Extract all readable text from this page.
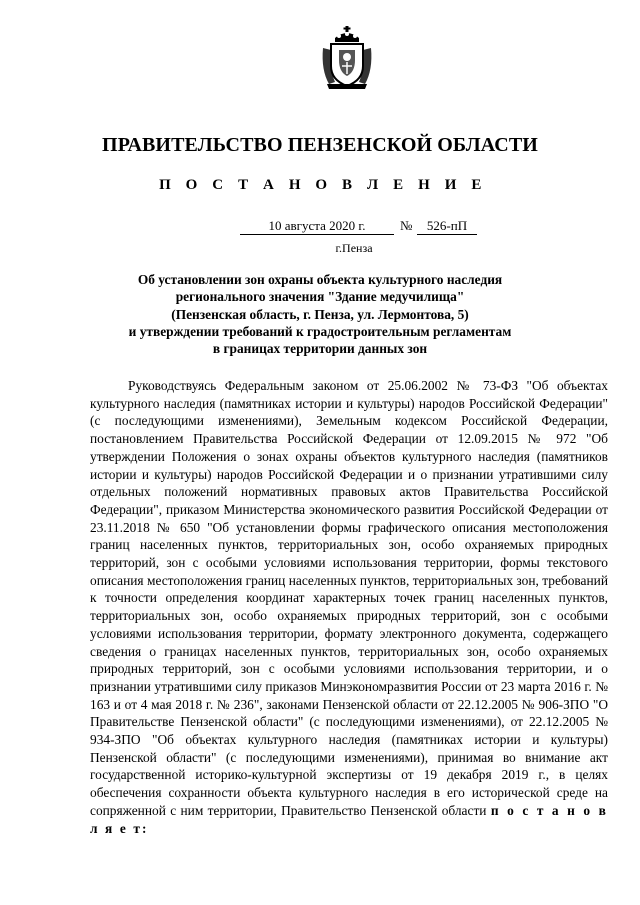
ПРАВИТЕЛЬСТВО ПЕНЗЕНСКОЙ ОБЛАСТИ
П О С Т А Н О В Л Е Н И Е
10 августа 2020 г.	№	526-пП
г.Пенза
Об установлении зон охраны объекта культурного наследия
регионального значения "Здание медучилища"
(Пензенская область, г. Пенза, ул. Лермонтова, 5)
и утверждении требований к градостроительным регламентам
в границах территории данных зон
Руководствуясь Федеральным законом от 25.06.2002 № 73-ФЗ "Об объектах культурного наследия (памятниках истории и культуры) народов Российской Федерации" (с последующими изменениями), Земельным кодексом Российской Федерации, постановлением Правительства Российской Федерации от 12.09.2015 № 972 "Об утверждении Положения о зонах охраны объектов культурного наследия (памятников истории и культуры) народов Российской Федерации и о признании утратившими силу отдельных положений нормативных правовых актов Правительства Российской Федерации", приказом Министерства экономического развития Российской Федерации от 23.11.2018 № 650 "Об установлении формы графического описания местоположения границ населенных пунктов, территориальных зон, особо охраняемых природных территорий, зон с особыми условиями использования территории, формы текстового описания местоположения границ населенных пунктов, территориальных зон, требований к точности определения координат характерных точек границ населенных пунктов, территориальных зон, особо охраняемых природных территорий, зон с особыми условиями использования территории, формату электронного документа, содержащего сведения о границах населенных пунктов, территориальных зон, особо охраняемых природных территорий, зон с особыми условиями использования территории, и о признании утратившими силу приказов Минэкономразвития России от 23 марта 2016 г. № 163 и от 4 мая 2018 г. № 236", законами Пензенской области от 22.12.2005 № 906-ЗПО "О Правительстве Пензенской области" (с последующими изменениями), от 22.12.2005 № 934-ЗПО "Об объектах культурного наследия (памятниках истории и культуры) Пензенской области" (с последующими изменениями), принимая во внимание акт государственной историко-культурной экспертизы от 19 декабря 2019 г., в целях обеспечения сохранности объекта культурного наследия в его исторической среде на сопряженной с ним территории, Правительство Пензенской области п о с т а н о в л я е т:
